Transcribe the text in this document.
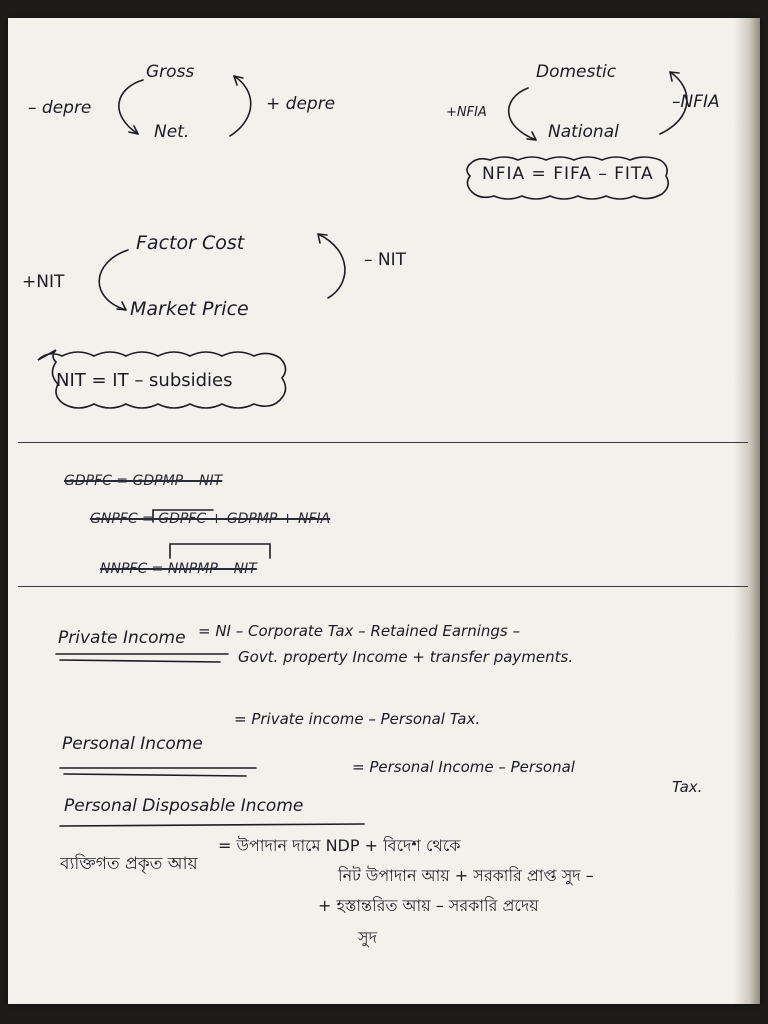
Gross
Net.
– depre	+ depre
Domestic
National
+NFIA
–NFIA
NFIA = FIFA – FITA
Factor Cost
Market Price
+NIT
– NIT
NIT = IT – subsidies
GDPFC = GDPMP – NIT
GNPFC = GDPFC + GDPMP + NFIA
NNPFC = NNPMP – NIT
Private Income = NI – Corporate Tax – Retained Earnings –
Govt. property Income + transfer payments.
Personal Income
= Private income – Personal Tax.
Personal Disposable Income
= Personal Income – Personal
Tax.
ব্যক্তিগত প্রকৃত আয়
= উপাদান দামে NDP + বিদেশ থেকে
নিট উপাদান আয় + সরকারি প্রাপ্ত সুদ –
+ হস্তান্তরিত আয় – সরকারি প্রদেয়
সুদ
